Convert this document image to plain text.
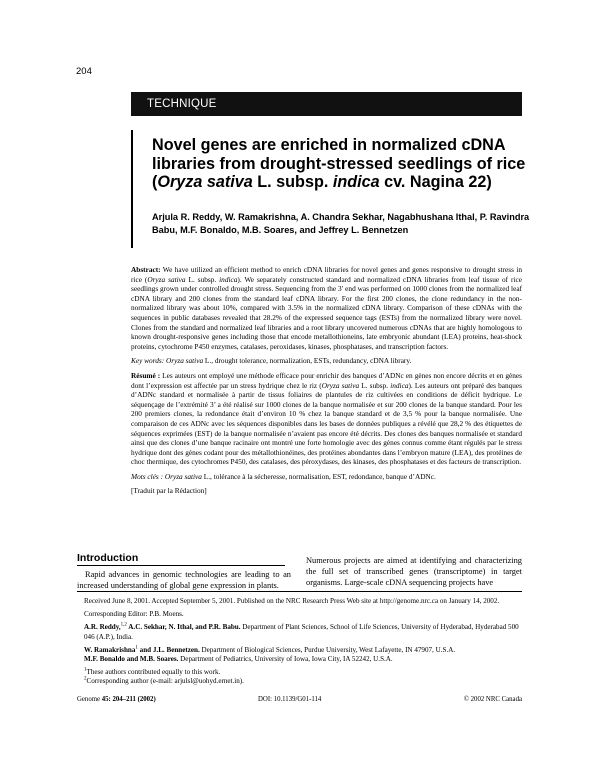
204
TECHNIQUE
Novel genes are enriched in normalized cDNA libraries from drought-stressed seedlings of rice (Oryza sativa L. subsp. indica cv. Nagina 22)
Arjula R. Reddy, W. Ramakrishna, A. Chandra Sekhar, Nagabhushana Ithal, P. Ravindra Babu, M.F. Bonaldo, M.B. Soares, and Jeffrey L. Bennetzen

Abstract: We have utilized an efficient method to enrich cDNA libraries for novel genes and genes responsive to drought stress in rice (Oryza sativa L. subsp. indica). We separately constructed standard and normalized cDNA libraries from leaf tissue of rice seedlings grown under controlled drought stress. Sequencing from the 3′ end was performed on 1000 clones from the normalized leaf cDNA library and 200 clones from the standard leaf cDNA library. For the first 200 clones, the clone redundancy in the non-normalized library was about 10%, compared with 3.5% in the normalized cDNA library. Comparison of these cDNAs with the sequences in public databases revealed that 28.2% of the expressed sequence tags (ESTs) from the normalized library were novel. Clones from the standard and normalized leaf libraries and a root library uncovered numerous cDNAs that are highly homologous to known drought-responsive genes including those that encode metallothioneins, late embryonic abundant (LEA) proteins, heat-shock proteins, cytochrome P450 enzymes, catalases, peroxidases, kinases, phosphatases, and transcription factors.

Key words: Oryza sativa L., drought tolerance, normalization, ESTs, redundancy, cDNA library.

Résumé : Les auteurs ont employé une méthode efficace pour enrichir des banques d’ADNc en gènes non encore décrits et en gènes dont l’expression est affectée par un stress hydrique chez le riz (Oryza sativa L. subsp. indica). Les auteurs ont préparé des banques d’ADNc standard et normalisée à partir de tissus foliaires de plantules de riz cultivées en conditions de déficit hydrique. Le séquençage de l’extrémité 3’ a été réalisé sur 1000 clones de la banque normalisée et sur 200 clones de la banque standard. Pour les 200 premiers clones, la redondance était d’environ 10 % chez la banque standard et de 3,5 % pour la banque normalisée. Une comparaison de ces ADNc avec les séquences disponibles dans les bases de données publiques a révélé que 28,2 % des étiquettes de séquences exprimées (EST) de la banque normalisée n’avaient pas encore été décrits. Des clones des banques normalisée et standard ainsi que des clones d’une banque racinaire ont montré une forte homologie avec des gènes connus comme étant régulés par le stress hydrique dont des gènes codant pour des métallothionéines, des protéines abondantes dans l’embryon mature (LEA), des protéines de choc thermique, des cytochromes P450, des catalases, des péroxydases, des kinases, des phosphatases et des facteurs de transcription.

Mots clés : Oryza sativa L., tolérance à la sécheresse, normalisation, EST, redondance, banque d’ADNc.

[Traduit par la Rédaction]

Introduction
Rapid advances in genomic technologies are leading to an increased understanding of global gene expression in plants.
Numerous projects are aimed at identifying and characterizing the full set of transcribed genes (transcriptome) in target organisms. Large-scale cDNA sequencing projects have

Received June 8, 2001. Accepted September 5, 2001. Published on the NRC Research Press Web site at http://genome.nrc.ca on January 14, 2002.

Corresponding Editor: P.B. Moens.

A.R. Reddy,$^{1,2}$ A.C. Sekhar, N. Ithal, and P.R. Babu. Department of Plant Sciences, School of Life Sciences, University of Hyderabad, Hyderabad 500 046 (A.P.), India.

W. Ramakrishna$^1$ and J.L. Bennetzen. Department of Biological Sciences, Purdue University, West Lafayette, IN 47907, U.S.A.

M.F. Bonaldo and M.B. Soares. Department of Pediatrics, University of Iowa, Iowa City, IA 52242, U.S.A.

$^1$These authors contributed equally to this work.

$^2$Corresponding author (e-mail: arjulsl@uohyd.ernet.in).

Genome 45: 204–211 (2002)	DOI: 10.1139/G01-114	© 2002 NRC Canada
